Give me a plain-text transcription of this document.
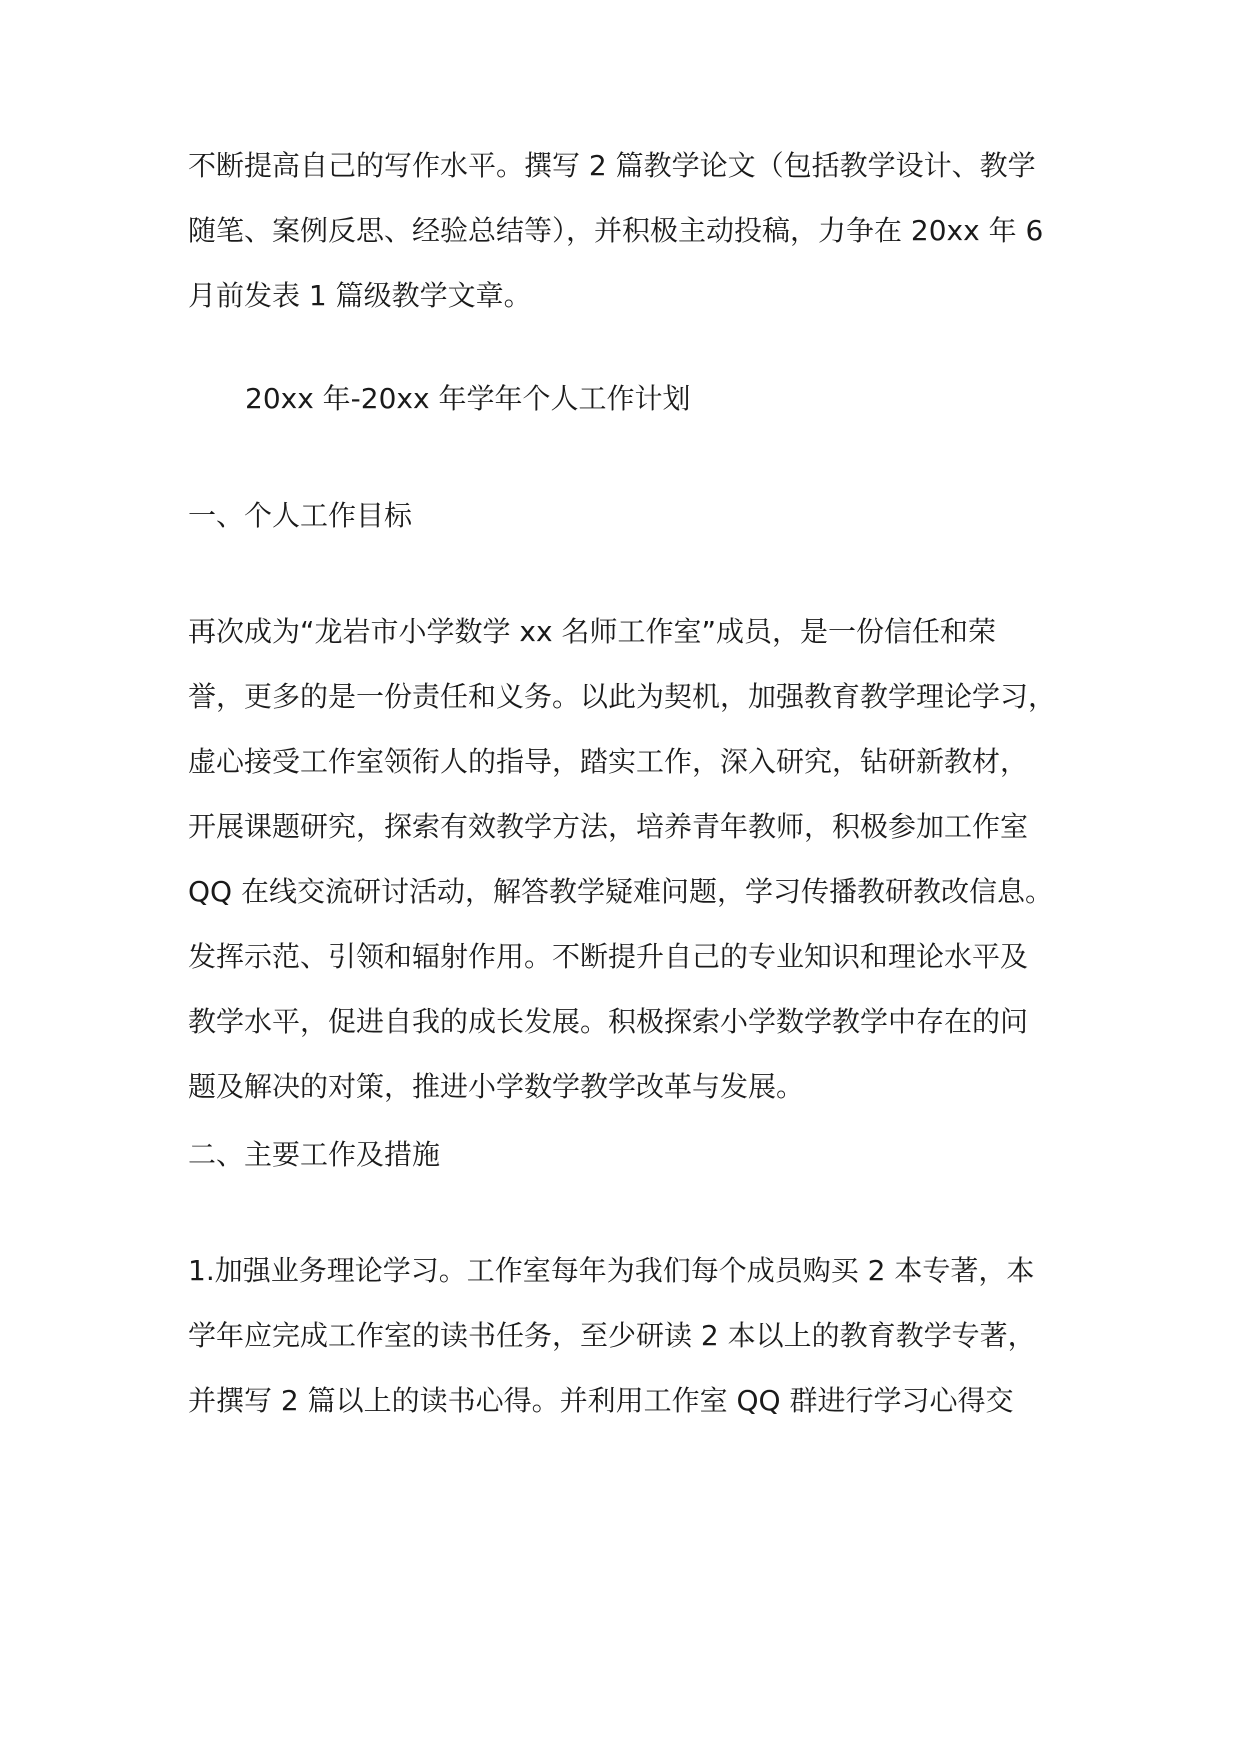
不断提高自己的写作水平。撰写 2 篇教学论文（包括教学设计、教学
随笔、案例反思、经验总结等），并积极主动投稿，力争在 20xx 年 6
月前发表 1 篇级教学文章。
20xx 年-20xx 年学年个人工作计划
一、个人工作目标
再次成为“龙岩市小学数学 xx 名师工作室”成员，是一份信任和荣
誉，更多的是一份责任和义务。以此为契机，加强教育教学理论学习，
虚心接受工作室领衔人的指导，踏实工作，深入研究，钻研新教材，
开展课题研究，探索有效教学方法，培养青年教师，积极参加工作室
QQ 在线交流研讨活动，解答教学疑难问题，学习传播教研教改信息。
发挥示范、引领和辐射作用。不断提升自己的专业知识和理论水平及
教学水平，促进自我的成长发展。积极探索小学数学教学中存在的问
题及解决的对策，推进小学数学教学改革与发展。
二、主要工作及措施
1.加强业务理论学习。工作室每年为我们每个成员购买 2 本专著，本
学年应完成工作室的读书任务，至少研读 2 本以上的教育教学专著，
并撰写 2 篇以上的读书心得。并利用工作室 QQ 群进行学习心得交
